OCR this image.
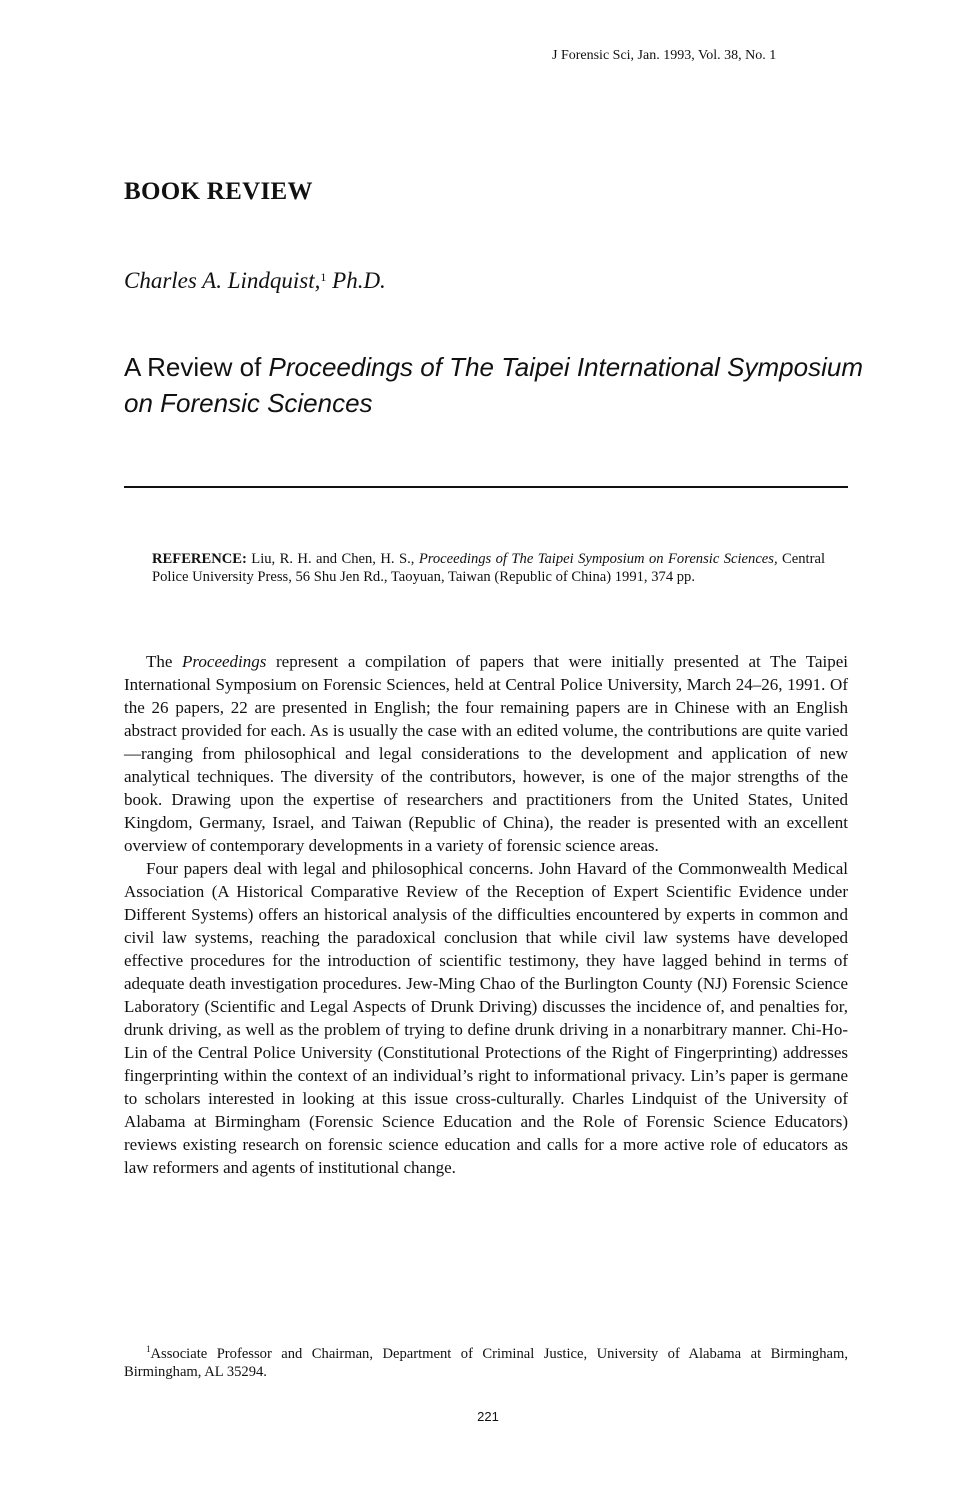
J Forensic Sci, Jan. 1993, Vol. 38, No. 1
BOOK REVIEW
Charles A. Lindquist,$^1$ Ph.D.
A Review of Proceedings of The Taipei International Symposium on Forensic Sciences
REFERENCE: Liu, R. H. and Chen, H. S., Proceedings of The Taipei Symposium on Forensic Sciences, Central Police University Press, 56 Shu Jen Rd., Taoyuan, Taiwan (Republic of China) 1991, 374 pp.

The Proceedings represent a compilation of papers that were initially presented at The Taipei International Symposium on Forensic Sciences, held at Central Police University, March 24–26, 1991. Of the 26 papers, 22 are presented in English; the four remaining papers are in Chinese with an English abstract provided for each. As is usually the case with an edited volume, the contributions are quite varied—ranging from philosophical and legal considerations to the development and application of new analytical techniques. The diversity of the contributors, however, is one of the major strengths of the book. Drawing upon the expertise of researchers and practitioners from the United States, United Kingdom, Germany, Israel, and Taiwan (Republic of China), the reader is presented with an excellent overview of contemporary developments in a variety of forensic science areas.

Four papers deal with legal and philosophical concerns. John Havard of the Commonwealth Medical Association (A Historical Comparative Review of the Reception of Expert Scientific Evidence under Different Systems) offers an historical analysis of the difficulties encountered by experts in common and civil law systems, reaching the paradoxical conclusion that while civil law systems have developed effective procedures for the introduction of scientific testimony, they have lagged behind in terms of adequate death investigation procedures. Jew-Ming Chao of the Burlington County (NJ) Forensic Science Laboratory (Scientific and Legal Aspects of Drunk Driving) discusses the incidence of, and penalties for, drunk driving, as well as the problem of trying to define drunk driving in a nonarbitrary manner. Chi-Ho-Lin of the Central Police University (Constitutional Protections of the Right of Fingerprinting) addresses fingerprinting within the context of an individual’s right to informational privacy. Lin’s paper is germane to scholars interested in looking at this issue cross-culturally. Charles Lindquist of the University of Alabama at Birmingham (Forensic Science Education and the Role of Forensic Science Educators) reviews existing research on forensic science education and calls for a more active role of educators as law reformers and agents of institutional change.

$^1$Associate Professor and Chairman, Department of Criminal Justice, University of Alabama at Birmingham, Birmingham, AL 35294.
221
